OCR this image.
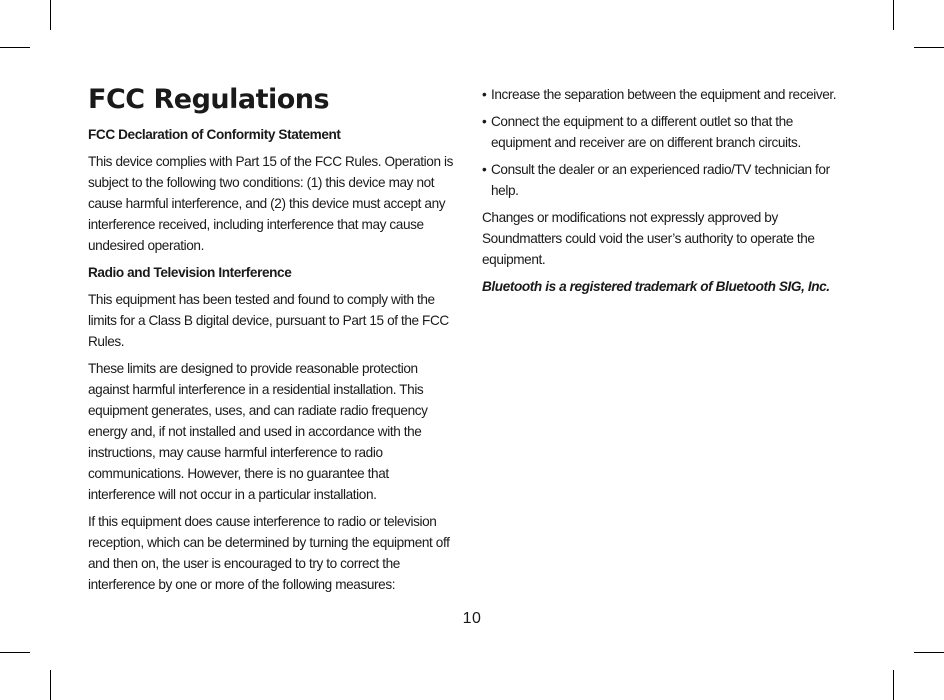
FCC Regulations
FCC Declaration of Conformity Statement
This device complies with Part 15 of the FCC Rules. Operation is subject to the following two conditions: (1) this device may not cause harmful interference, and (2) this device must accept any interference received, including interference that may cause undesired operation.
Radio and Television Interference
This equipment has been tested and found to comply with the limits for a Class B digital device, pursuant to Part 15 of the FCC Rules.
These limits are designed to provide reasonable protection against harmful interference in a residential installation. This equipment generates, uses, and can radiate radio frequency energy and, if not installed and used in accordance with the instructions, may cause harmful interference to radio communications. However, there is no guarantee that interference will not occur in a particular installation.
If this equipment does cause interference to radio or television reception, which can be determined by turning the equipment off and then on, the user is encouraged to try to correct the interference by one or more of the following measures:
• Increase the separation between the equipment and receiver.
• Connect the equipment to a different outlet so that the equipment and receiver are on different branch circuits.
• Consult the dealer or an experienced radio/TV technician for help.
Changes or modifications not expressly approved by Soundmatters could void the user’s authority to operate the equipment.
Bluetooth is a registered trademark of Bluetooth SIG, Inc.
10
